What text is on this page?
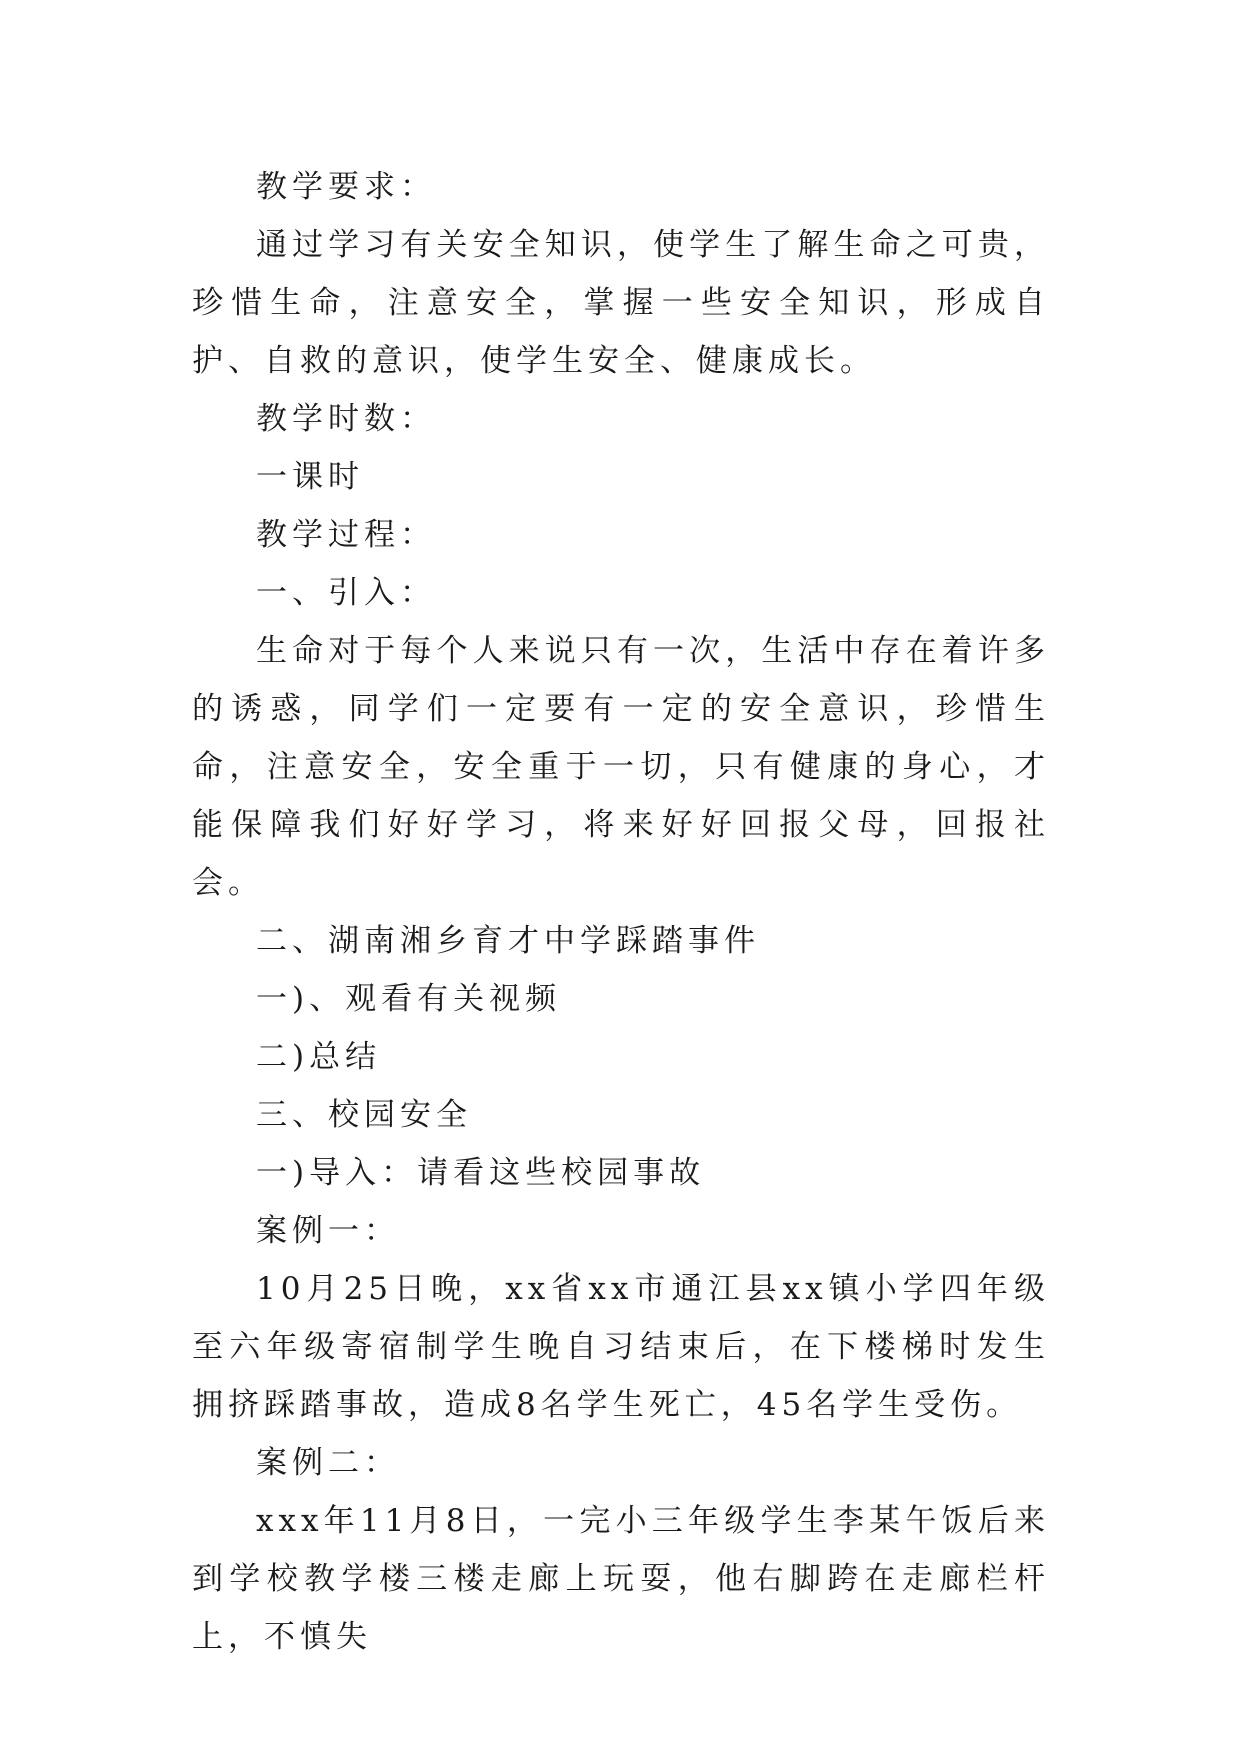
教学要求：

通过学习有关安全知识，使学生了解生命之可贵，珍惜生命，注意安全，掌握一些安全知识，形成自护、自救的意识，使学生安全、健康成长。

教学时数：

一课时

教学过程：

一、引入：

生命对于每个人来说只有一次，生活中存在着许多的诱惑，同学们一定要有一定的安全意识，珍惜生命，注意安全，安全重于一切，只有健康的身心，才能保障我们好好学习，将来好好回报父母，回报社会。

二、湖南湘乡育才中学踩踏事件

一)、观看有关视频

二)总结

三、校园安全

一)导入：请看这些校园事故

案例一：

10月25日晚，xx省xx市通江县xx镇小学四年级至六年级寄宿制学生晚自习结束后，在下楼梯时发生拥挤踩踏事故，造成8名学生死亡，45名学生受伤。

案例二：

xxx年11月8日，一完小三年级学生李某午饭后来到学校教学楼三楼走廊上玩耍，他右脚跨在走廊栏杆上，不慎失
